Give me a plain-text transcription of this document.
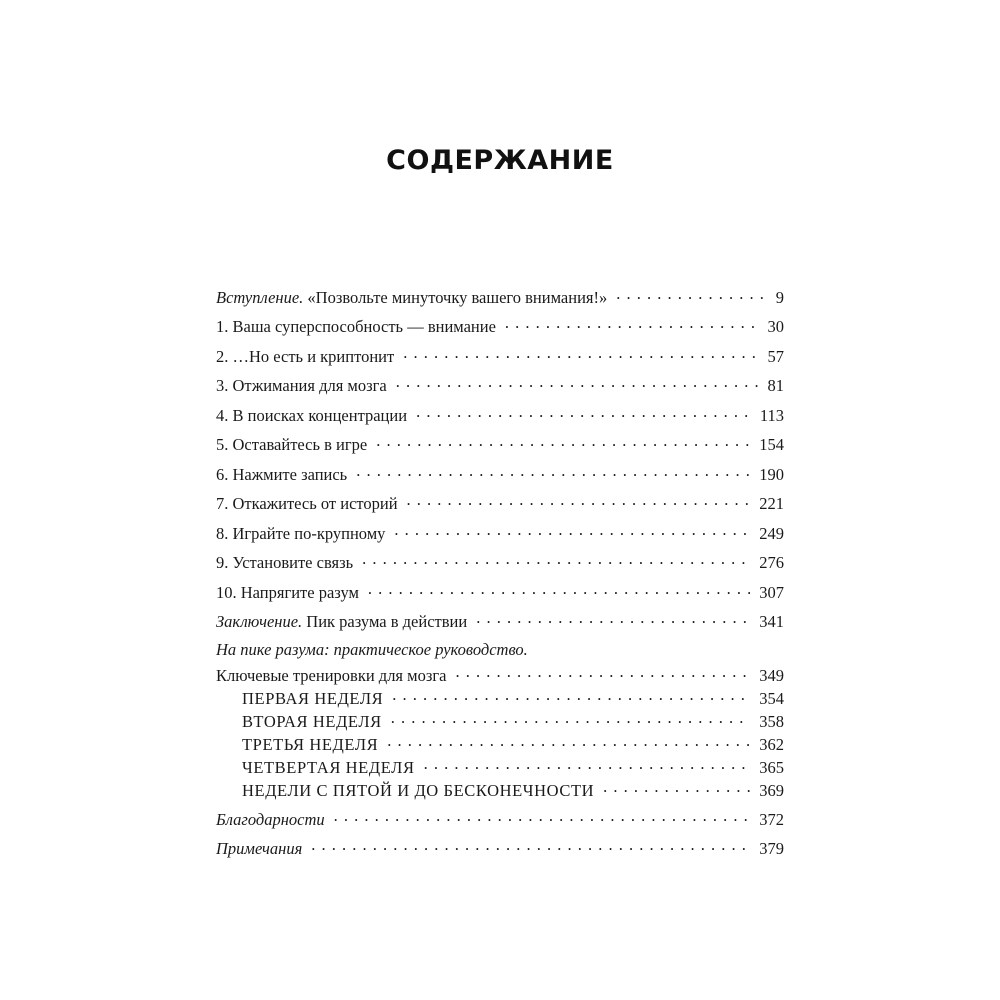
СОДЕРЖАНИЕ
Вступление. «Позвольте минуточку вашего внимания!» . . .	9
1. Ваша суперспособность — внимание . . .	30
2. …Но есть и криптонит . . .	57
3. Отжимания для мозга . . .	81
4. В поисках концентрации . . .	113
5. Оставайтесь в игре . . .	154
6. Нажмите запись . . .	190
7. Откажитесь от историй . . .	221
8. Играйте по-крупному . . .	249
9. Установите связь . . .	276
10. Напрягите разум . . .	307
Заключение. Пик разума в действии . . .	341
На пике разума: практическое руководство.
Ключевые тренировки для мозга . . .	349
ПЕРВАЯ НЕДЕЛЯ . . .	354
ВТОРАЯ НЕДЕЛЯ . . .	358
ТРЕТЬЯ НЕДЕЛЯ . . .	362
ЧЕТВЕРТАЯ НЕДЕЛЯ . . .	365
НЕДЕЛИ С ПЯТОЙ И ДО БЕСКОНЕЧНОСТИ . . .	369
Благодарности . . .	372
Примечания . . .	379
